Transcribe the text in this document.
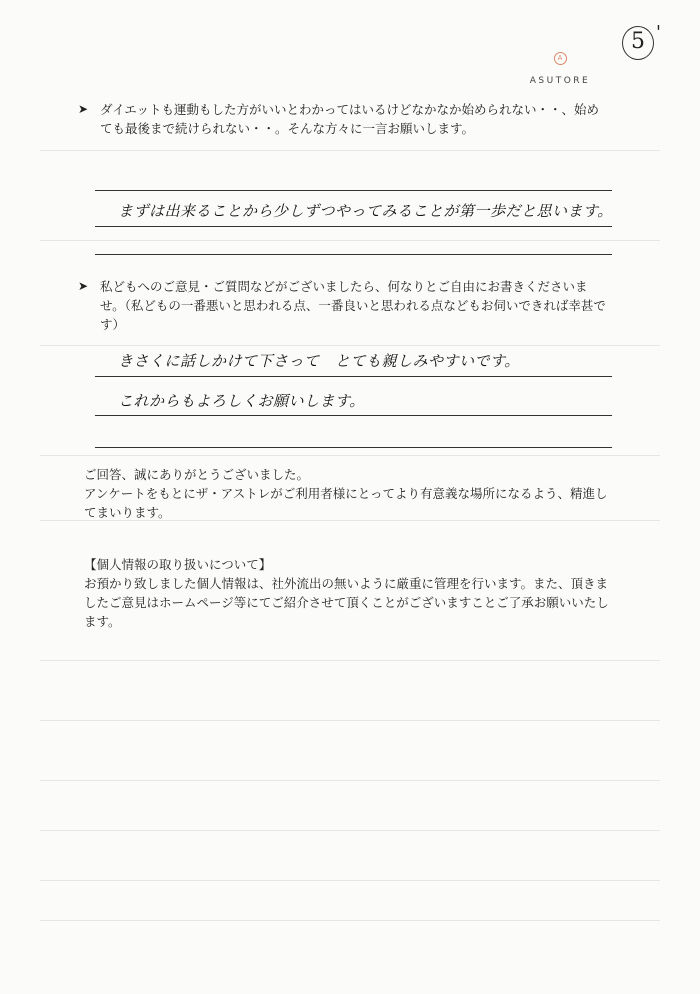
5 '
A
ASUTORE
➤ ダイエットも運動もした方がいいとわかってはいるけどなかなか始められない・・、始めても最後まで続けられない・・。そんな方々に一言お願いします。
まずは出来ることから少しずつやってみることが第一歩だと思います。
➤ 私どもへのご意見・ご質問などがございましたら、何なりとご自由にお書きくださいませ。（私どもの一番悪いと思われる点、一番良いと思われる点などもお伺いできれば幸甚です）
きさくに話しかけて下さって　とても親しみやすいです。
これからもよろしくお願いします。
ご回答、誠にありがとうございました。
アンケートをもとにザ・アストレがご利用者様にとってより有意義な場所になるよう、精進してまいります。
【個人情報の取り扱いについて】
お預かり致しました個人情報は、社外流出の無いように厳重に管理を行います。また、頂きましたご意見はホームページ等にてご紹介させて頂くことがございますことご了承お願いいたします。
